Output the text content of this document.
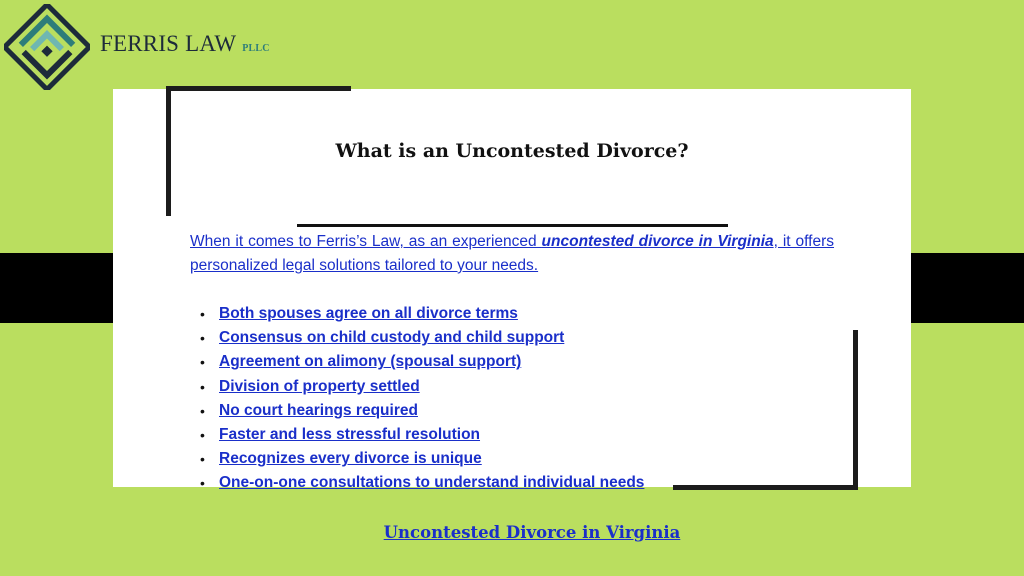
FERRIS LAW PLLC
What is an Uncontested Divorce?

When it comes to Ferris’s Law, as an experienced uncontested divorce in Virginia, it offers personalized legal solutions tailored to your needs.

• Both spouses agree on all divorce terms
• Consensus on child custody and child support
• Agreement on alimony (spousal support)
• Division of property settled
• No court hearings required
• Faster and less stressful resolution
• Recognizes every divorce is unique
• One-on-one consultations to understand individual needs
Uncontested Divorce in Virginia
